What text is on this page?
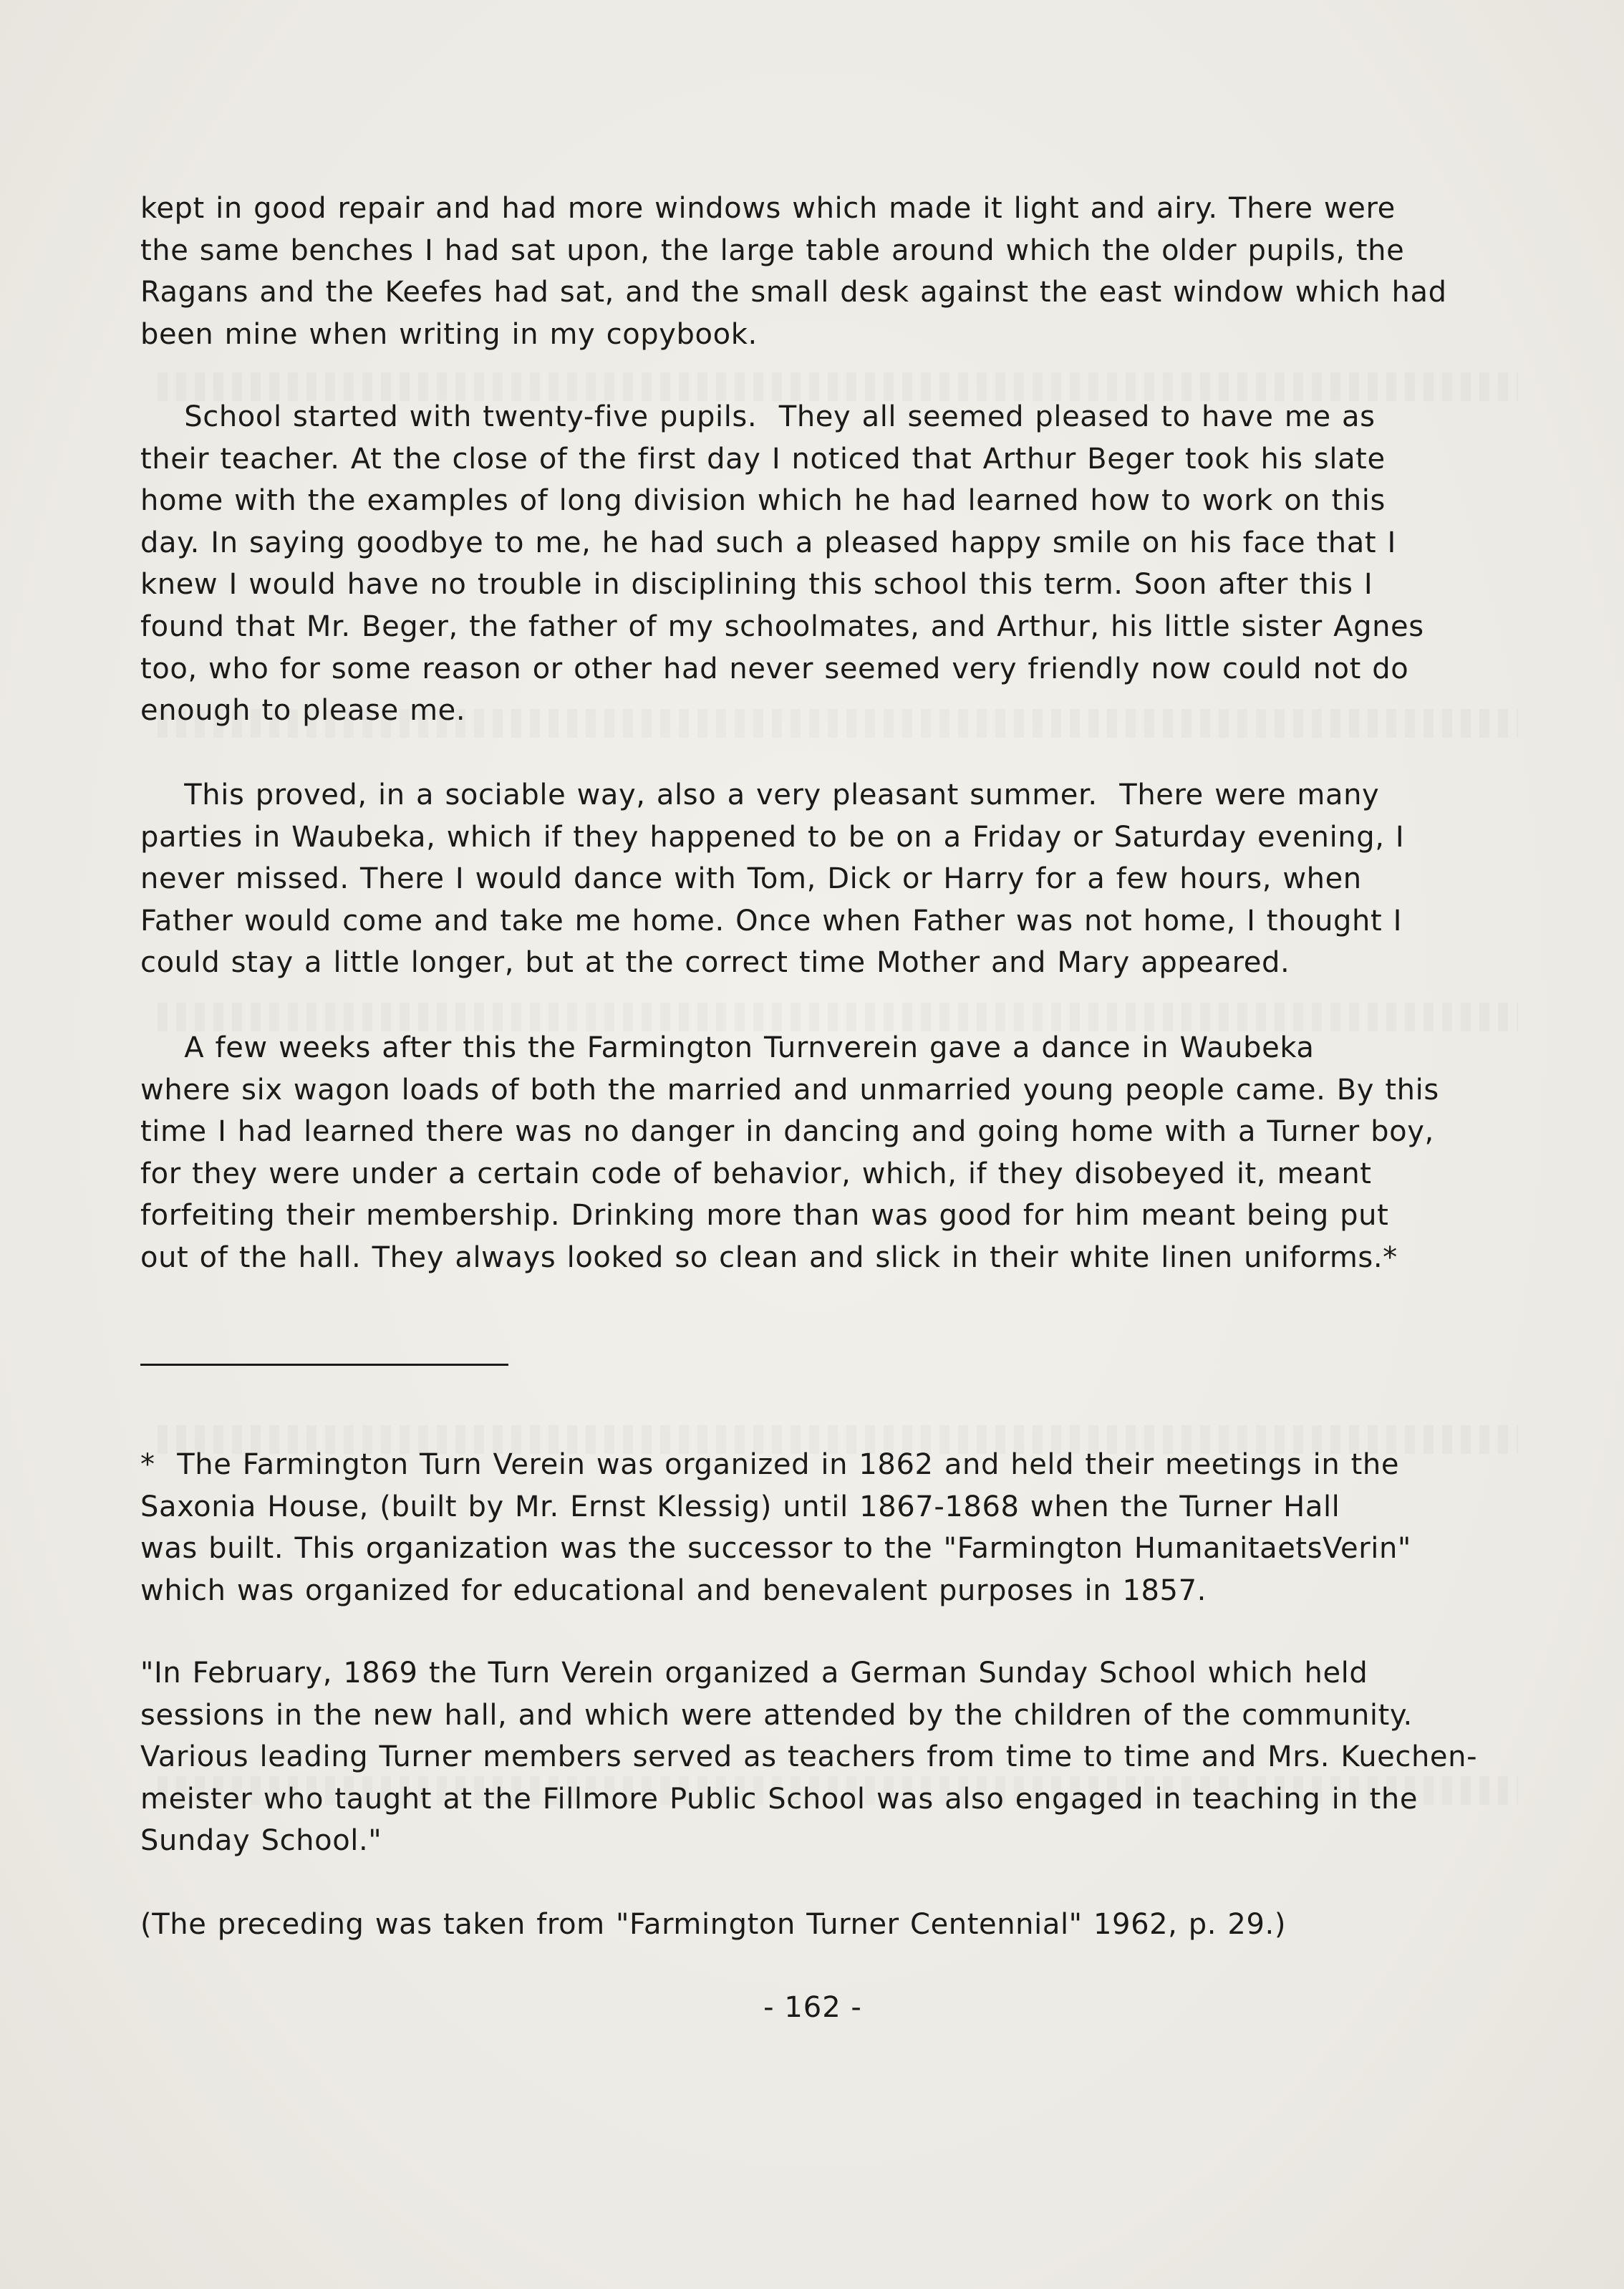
kept in good repair and had more windows which made it light and airy. There were
the same benches I had sat upon, the large table around which the older pupils, the
Ragans and the Keefes had sat, and the small desk against the east window which had
been mine when writing in my copybook.

School started with twenty-five pupils.  They all seemed pleased to have me as
their teacher. At the close of the first day I noticed that Arthur Beger took his slate
home with the examples of long division which he had learned how to work on this
day. In saying goodbye to me, he had such a pleased happy smile on his face that I
knew I would have no trouble in disciplining this school this term. Soon after this I
found that Mr. Beger, the father of my schoolmates, and Arthur, his little sister Agnes
too, who for some reason or other had never seemed very friendly now could not do
enough to please me.

This proved, in a sociable way, also a very pleasant summer.  There were many
parties in Waubeka, which if they happened to be on a Friday or Saturday evening, I
never missed. There I would dance with Tom, Dick or Harry for a few hours, when
Father would come and take me home. Once when Father was not home, I thought I
could stay a little longer, but at the correct time Mother and Mary appeared.

A few weeks after this the Farmington Turnverein gave a dance in Waubeka
where six wagon loads of both the married and unmarried young people came. By this
time I had learned there was no danger in dancing and going home with a Turner boy,
for they were under a certain code of behavior, which, if they disobeyed it, meant
forfeiting their membership. Drinking more than was good for him meant being put
out of the hall. They always looked so clean and slick in their white linen uniforms.*

*  The Farmington Turn Verein was organized in 1862 and held their meetings in the
Saxonia House, (built by Mr. Ernst Klessig) until 1867-1868 when the Turner Hall
was built. This organization was the successor to the "Farmington HumanitaetsVerin"
which was organized for educational and benevalent purposes in 1857.

"In February, 1869 the Turn Verein organized a German Sunday School which held
sessions in the new hall, and which were attended by the children of the community.
Various leading Turner members served as teachers from time to time and Mrs. Kuechen-
meister who taught at the Fillmore Public School was also engaged in teaching in the
Sunday School."

(The preceding was taken from "Farmington Turner Centennial" 1962, p. 29.)

- 162 -
